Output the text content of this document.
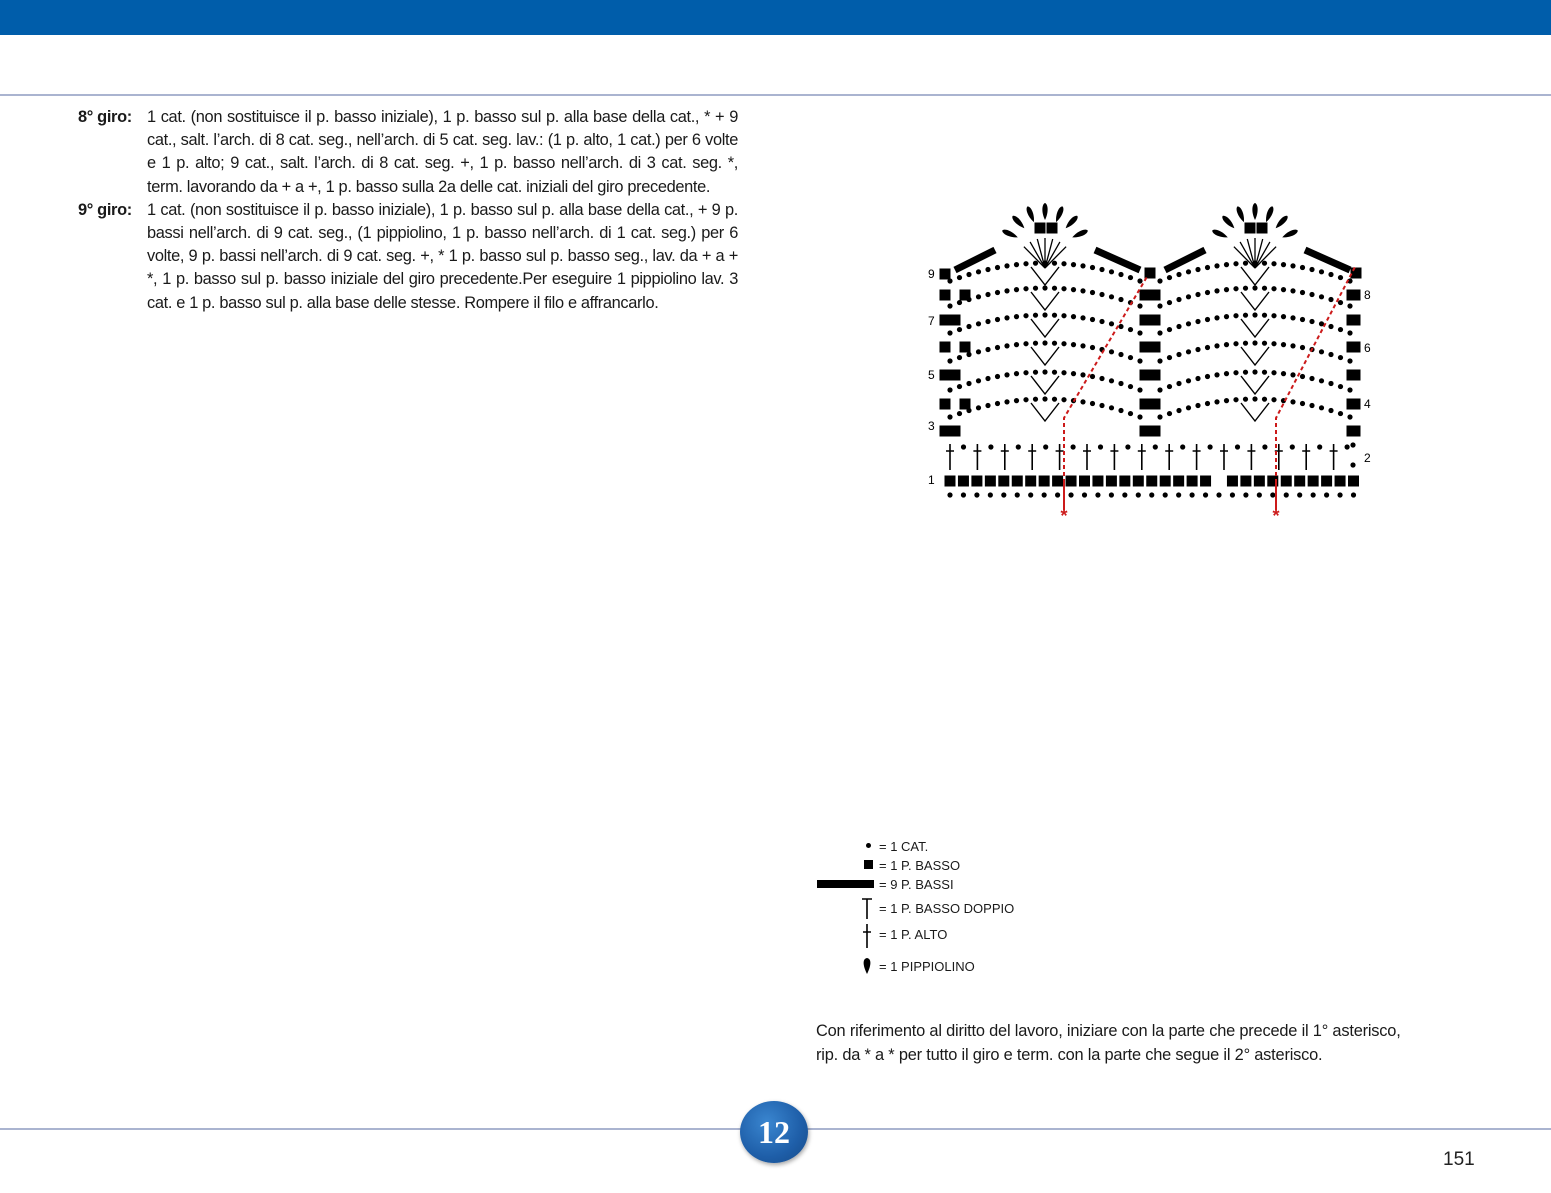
8° giro: 1 cat. (non sostituisce il p. basso iniziale), 1 p. basso sul p. alla base della cat., * + 9 cat., salt. l’arch. di 8 cat. seg., nell’arch. di 5 cat. seg. lav.: (1 p. alto, 1 cat.) per 6 volte e 1 p. alto; 9 cat., salt. l’arch. di 8 cat. seg. +, 1 p. basso nell’arch. di 3 cat. seg. *, term. lavorando da + a +, 1 p. basso sulla 2a delle cat. iniziali del giro precedente.
9° giro: 1 cat. (non sostituisce il p. basso iniziale), 1 p. basso sul p. alla base della cat., + 9 p. bassi nell’arch. di 9 cat. seg., (1 pippiolino, 1 p. basso nell’arch. di 1 cat. seg.) per 6 volte, 9 p. bassi nell’arch. di 9 cat. seg. +, * 1 p. basso sul p. basso seg., lav. da + a + *, 1 p. basso sul p. basso iniziale del giro precedente.Per eseguire 1 pippiolino lav. 3 cat. e 1 p. basso sul p. alla base delle stesse. Rompere il filo e affrancarlo.
*	*
1
3
5
7
9
2
4
6
8
= 1 CAT.
= 1 P. BASSO
= 9 P. BASSI
= 1 P. BASSO DOPPIO
= 1 P. ALTO
= 1 PIPPIOLINO
Con riferimento al diritto del lavoro, iniziare con la parte che precede il 1° asterisco,
rip. da * a * per tutto il giro e term. con la parte che segue il 2° asterisco.
12
151
